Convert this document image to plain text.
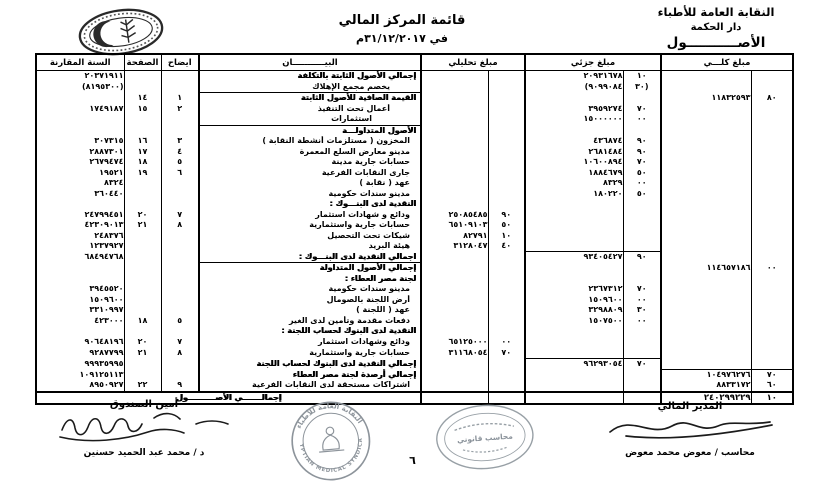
قائمة المركز المالي
في ٣١/١٢/٢٠١٧م
النقابة العامة للأطباء
دار الحكمة
الأصـــــــــــول
السنة المقارنة	الصفحة	ايضاح	البيـــــــــــان	مبلغ تحليلي		مبلغ جزئي		مبلغ كلـــي	
٢٠٣٧١٩١١			إجمالي الأصول الثابتة بالتكلفة			٢٠٩٣١٦٧٨	١٠		
(٨١٩٥٣٠٠)			يخصم مجمع الإهلاك			(٩٠٩٩٠٨٤	٣٠)		
	١٤	١	القيمة الصافية للأصول الثابتة					١١٨٣٢٥٩٣	٨٠
١٧٤٩١٨٧	١٥	٢	أعمال تحت التنفيذ			٣٩٥٩٢٧٤	٧٠		
			استثمارات			١٥٠٠٠٠٠٠	٠٠		
			الأصول المتداولـــة						
٣٠٧٣١٥	١٦	٣	المخزون ( مستلزمات أنشطة النقابة )			٤٣٦٨٧٤	٩٠		
٢٨٨٧٣٠١	١٧	٤	مدينو معارض السلع المعمرة			٢٦٨١٤٨٤	٩٠		
٢٦٧٩٤٧٤	١٨	٥	حسابات جارية مدينة			١٠٦٠٠٨٩٤	٧٠		
١٩٥٢١	١٩	٦	جارى النقابات الفرعية			١٨٨٤٦٧٩	٥٠		
٨٣٢٤			عهد ( نقابة )			٨٣٢٩	٠٠		
٣٦٠٤٤٠			مدينو سندات حكومية			١٨٠٢٢٠	٥٠		
			النقدية لدى البنـــوك :						
٢٤٧٩٩٤٥١	٢٠	٧	ودائع و شهادات استثمار	٢٥٠٨٥٤٨٥	٩٠				
٤٢٣٠٩٠١٣	٢١	٨	حسابات جارية واستثمارية	٦٥١٠٩١٠٣	٥٠				
٢٤٨٣٧٦			شيكات تحت التحصيل	٨٢٧٩١	١٠				
١٢٣٧٩٢٧			هيئة البريد	٣١٢٨٠٤٧	٤٠				
٦٨٤٩٤٧٦٨			اجمالي النقدية لدى البنـــوك :			٩٣٤٠٥٤٢٧	٩٠		
			إجمالي الأصول المتداولة					١١٤٦٥٧١٨٦	٠٠
			لجنة مصر العطاء :						
٣٩٤٥٥٢٠			مدينو سندات حكومية			٢٣٦٧٣١٢	٧٠		
١٥٠٩٦٠٠			أرض اللجنة بالصومال			١٥٠٩٦٠٠	٠٠		
٣٣١٠٩٩٧			عهد ( اللجنة )			٣٢٩٨٨٠٩	٣٠		
٤٢٣٠٠٠	١٨	٥	دفعات مقدمة وتأمين لدى الغير			١٥٠٧٥٠٠	٠٠		
			النقدية لدى البنوك لحساب اللجنة :						
٩٠٦٤٨١٩٦	٢٠	٧	ودائع وشهادات استثمار	٦٥١٢٥٠٠٠	٠٠				
٩٢٨٧٧٩٩	٢١	٨	حسابات جارية واستثمارية	٣١١٦٨٠٥٤	٧٠				
٩٩٩٣٥٩٩٥			إجمالي النقدية لدى البنوك لحساب اللجنة			٩٦٢٩٣٠٥٤	٧٠		
١٠٩١٢٥١١٣			إجمالي أرصدة لجنة مصر العطاء					١٠٤٩٧٦٢٧٦	٧٠
٨٩٥٠٩٢٧	٢٢	٩	اشتراكات مستحقة لدى النقابات الفرعية					٨٨٣٣١٧٢	٦٠
إجمالـــــــي الأصــــــــــول								٢٤٠٢٩٩٢٢٩	١٠
المدير المالي
محاسب / معوض محمد معوض
أمين الصندوق
د / محمد عبد الحميد حسنين
النقابة العامة للأطباء
EGYPTIAN MEDICAL SYNDICATE
محاسب قانوني
٦
